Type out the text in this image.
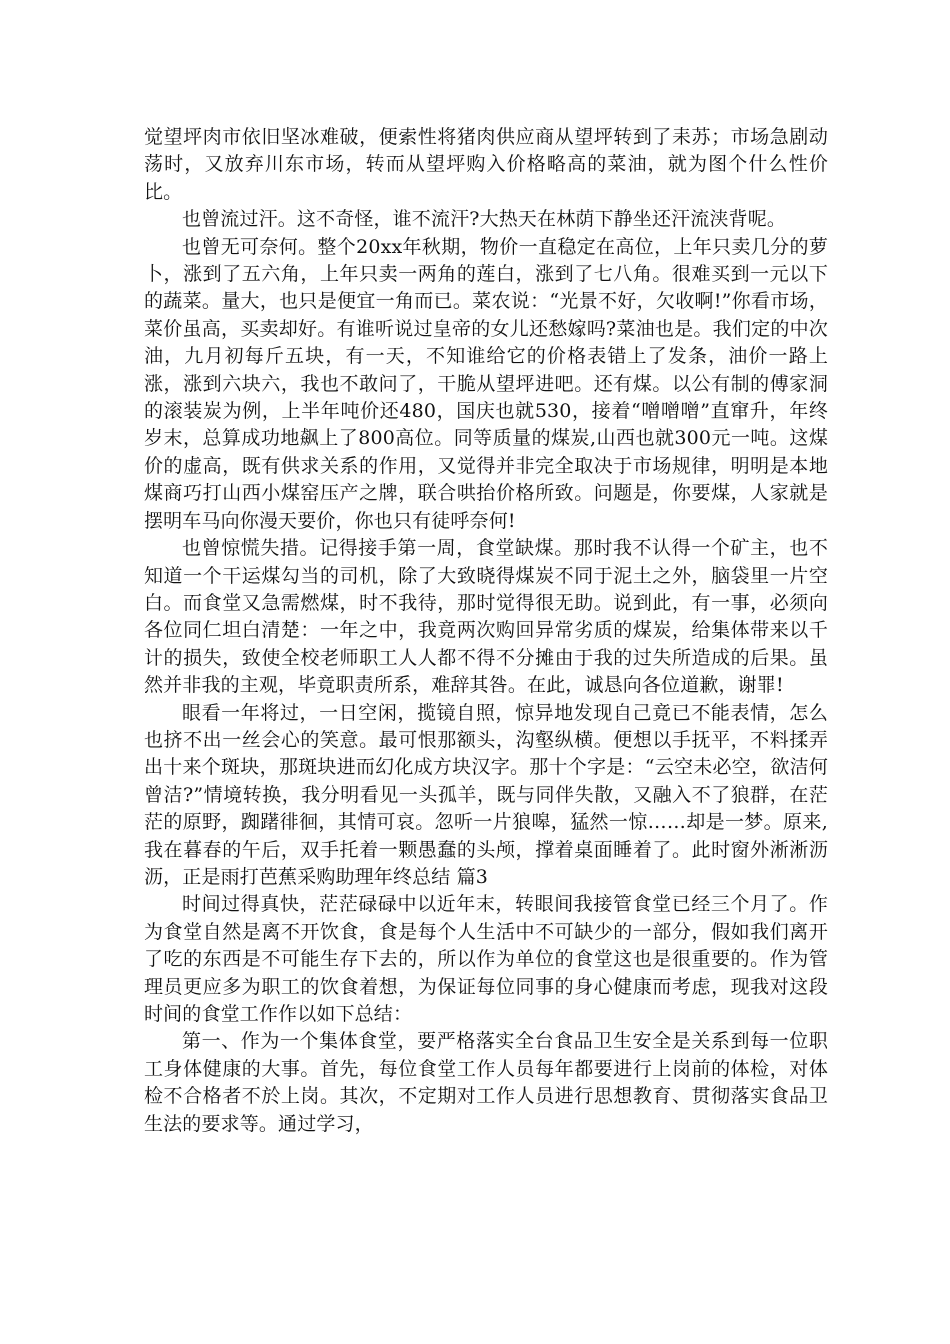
觉望坪肉市依旧坚冰难破，便索性将猪肉供应商从望坪转到了耒苏；市场急剧动荡时，又放弃川东市场，转而从望坪购入价格略高的菜油，就为图个什么性价比。

也曾流过汗。这不奇怪，谁不流汗?大热天在林荫下静坐还汗流浃背呢。

也曾无可奈何。整个20xx年秋期，物价一直稳定在高位，上年只卖几分的萝卜，涨到了五六角，上年只卖一两角的莲白，涨到了七八角。很难买到一元以下的蔬菜。量大，也只是便宜一角而已。菜农说：“光景不好，欠收啊!”你看市场，菜价虽高，买卖却好。有谁听说过皇帝的女儿还愁嫁吗?菜油也是。我们定的中次油，九月初每斤五块，有一天，不知谁给它的价格表错上了发条，油价一路上涨，涨到六块六，我也不敢问了，干脆从望坪进吧。还有煤。以公有制的傅家洞的滚装炭为例，上半年吨价还480，国庆也就530，接着“噌噌噌”直窜升，年终岁末，总算成功地飙上了800高位。同等质量的煤炭,山西也就300元一吨。这煤价的虚高，既有供求关系的作用，又觉得并非完全取决于市场规律，明明是本地煤商巧打山西小煤窑压产之牌，联合哄抬价格所致。问题是，你要煤，人家就是摆明车马向你漫天要价，你也只有徒呼奈何!

也曾惊慌失措。记得接手第一周，食堂缺煤。那时我不认得一个矿主，也不知道一个干运煤勾当的司机，除了大致晓得煤炭不同于泥土之外，脑袋里一片空白。而食堂又急需燃煤，时不我待，那时觉得很无助。说到此，有一事，必须向各位同仁坦白清楚：一年之中，我竟两次购回异常劣质的煤炭，给集体带来以千计的损失，致使全校老师职工人人都不得不分摊由于我的过失所造成的后果。虽然并非我的主观，毕竟职责所系，难辞其咎。在此，诚恳向各位道歉，谢罪!

眼看一年将过，一日空闲，揽镜自照，惊异地发现自己竟已不能表情，怎么也挤不出一丝会心的笑意。最可恨那额头，沟壑纵横。便想以手抚平，不料揉弄出十来个斑块，那斑块进而幻化成方块汉字。那十个字是：“云空未必空，欲洁何曾洁?”情境转换，我分明看见一头孤羊，既与同伴失散，又融入不了狼群，在茫茫的原野，踟躇徘徊，其情可哀。忽听一片狼嗥，猛然一惊……却是一梦。原来,我在暮春的午后，双手托着一颗愚蠢的头颅，撑着桌面睡着了。此时窗外淅淅沥沥，正是雨打芭蕉采购助理年终总结 篇3

时间过得真快，茫茫碌碌中以近年末，转眼间我接管食堂已经三个月了。作为食堂自然是离不开饮食，食是每个人生活中不可缺少的一部分，假如我们离开了吃的东西是不可能生存下去的，所以作为单位的食堂这也是很重要的。作为管理员更应多为职工的饮食着想，为保证每位同事的身心健康而考虑，现我对这段时间的食堂工作作以如下总结：

第一、作为一个集体食堂，要严格落实全台食品卫生安全是关系到每一位职工身体健康的大事。首先，每位食堂工作人员每年都要进行上岗前的体检，对体检不合格者不於上岗。其次，不定期对工作人员进行思想教育、贯彻落实食品卫生法的要求等。通过学习，
